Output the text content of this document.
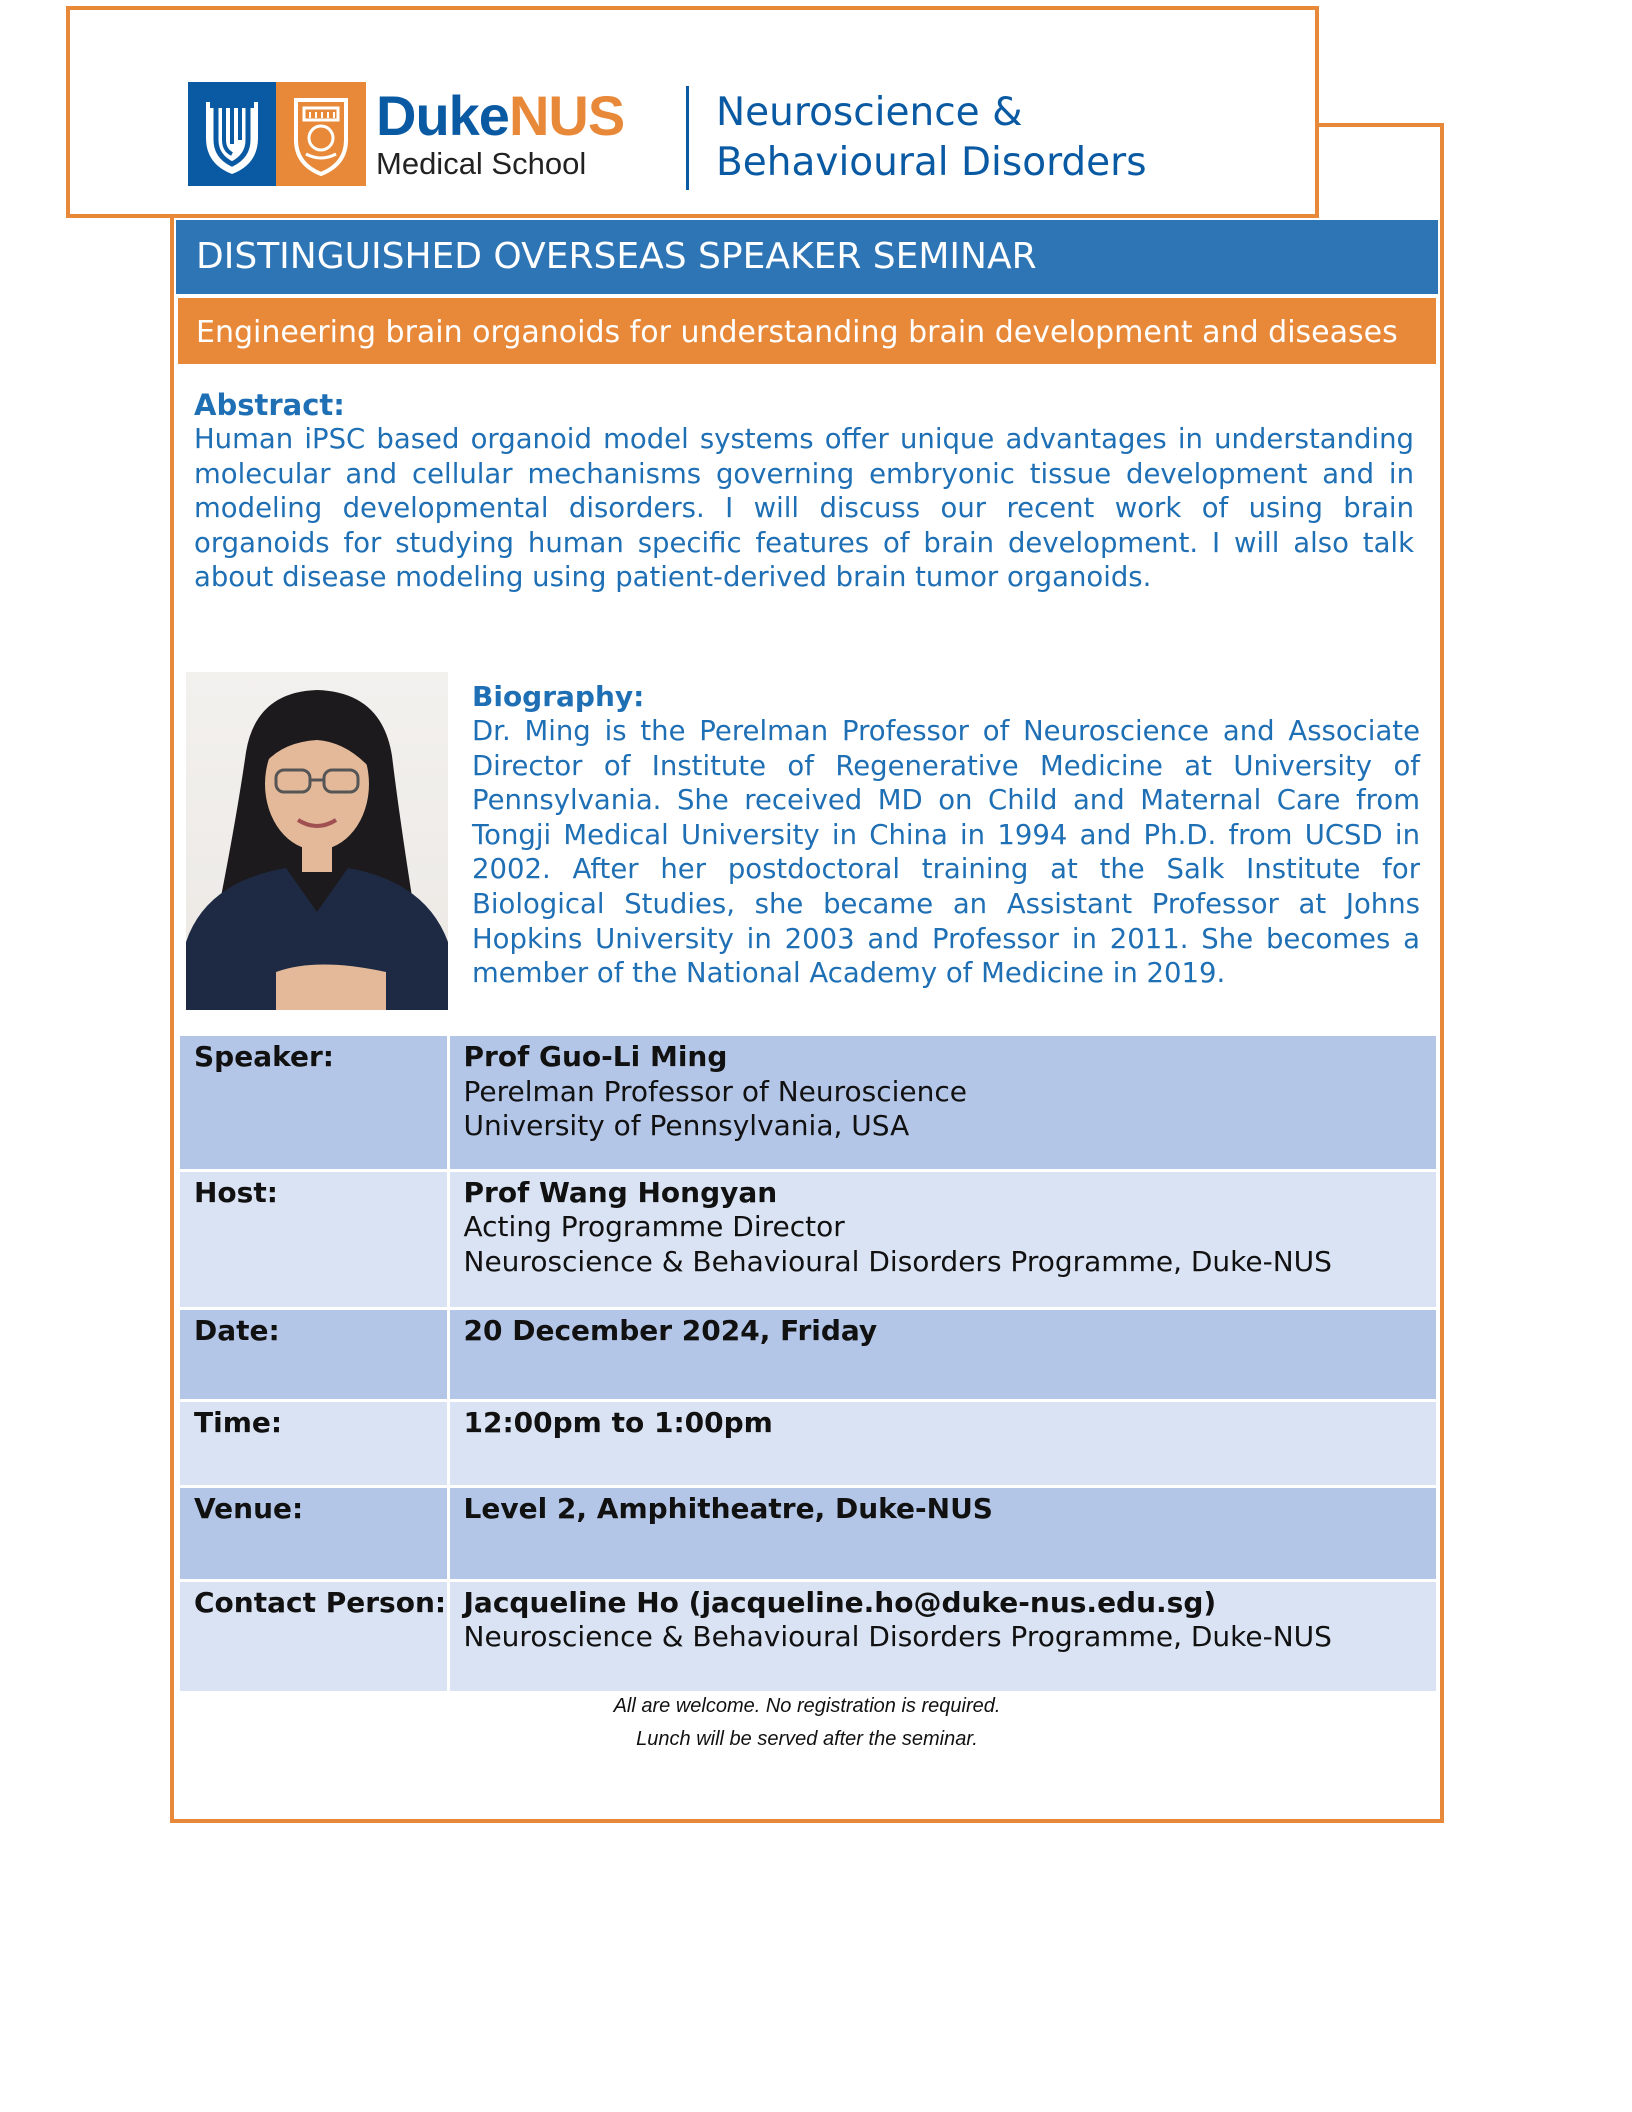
DukeNUS
Medical School
Neuroscience &
Behavioural Disorders
DISTINGUISHED OVERSEAS SPEAKER SEMINAR
Engineering brain organoids for understanding brain development and diseases
Abstract:

Human iPSC based organoid model systems offer unique advantages in understanding molecular and cellular mechanisms governing embryonic tissue development and in modeling developmental disorders. I will discuss our recent work of using brain organoids for studying human specific features of brain development. I will also talk about disease modeling using patient-derived brain tumor organoids.

Biography:

Dr. Ming is the Perelman Professor of Neuroscience and Associate Director of Institute of Regenerative Medicine at University of Pennsylvania. She received MD on Child and Maternal Care from Tongji Medical University in China in 1994 and Ph.D. from UCSD in 2002. After her postdoctoral training at the Salk Institute for Biological Studies, she became an Assistant Professor at Johns Hopkins University in 2003 and Professor in 2011. She becomes a member of the National Academy of Medicine in 2019.

Speaker:	Prof Guo-Li Ming
Perelman Professor of Neuroscience
University of Pennsylvania, USA

Host:	Prof Wang Hongyan
Acting Programme Director
Neuroscience & Behavioural Disorders Programme, Duke-NUS

Date:	20 December 2024, Friday
Time:	12:00pm to 1:00pm
Venue:	Level 2, Amphitheatre, Duke-NUS
Contact Person:	Jacqueline Ho (jacqueline.ho@duke-nus.edu.sg)
Neuroscience & Behavioural Disorders Programme, Duke-NUS
All are welcome. No registration is required.
Lunch will be served after the seminar.
